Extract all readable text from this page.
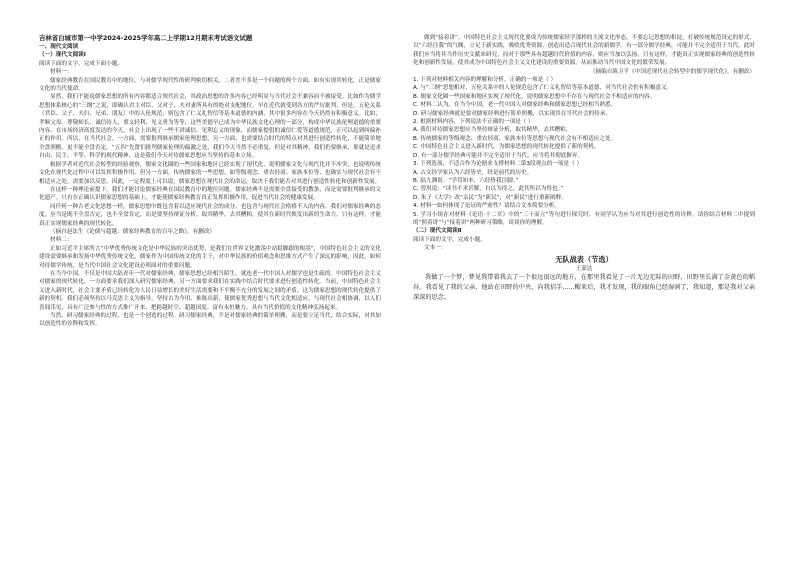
吉林省白城市第一中学2024-2025学年高二上学期12月期末考试语文试题

一、现代文阅读

（一）现代文阅读Ⅰ

阅读下面的文字，完成下面小题。

材料一：

儒家经典教育在国民教育中的地位，与对儒学现代性的研判密切相关，二者差不多是一个问题的两个方面。如有实现其转化，正是儒家文化的当代使命。

显然，我们不能说儒家思想的所有内容都适合现代社会，其政治思想的许多内容已经明显与当代社会不兼容而不被接受。比如作为儒学思想体系核心的“三纲”之说，即确认君主对臣、父对子、夫对妻所具有的绝对支配地位，早在近代就受到各方的严厉批判。但是，五伦关系（君臣、父子、夫妇、兄弟、朋友）中的人伦规范，则包含了仁义礼智信等基本道德的内涵，其中很多内容在今天仍然有积极意义。比如，孝顺父母、尊敬师长、诚信待人、重义轻利、见义勇为等等，这些美德早已成为中华民族文化心理的一部分，构成中华民族伦理道德的重要内容。在市场经济高度发达的今天，社会上出现了一些不讲诚信、见利忘义的现象，而儒家提倡的诚信仁爱等道德规范，正可以起到纠偏补正的作用。所以，在当代社会，一方面，需要批判继承儒家伦理思想，另一方面，也需要结合时代的特点对其进行创造性转化，不能简单地全盘照搬，更不能全盘否定。“五四”先贤们批判儒家伦理的偏激之处，我们今天当然不必重复，但是对其精神，我们仍要继承，那就是追求自由、民主、平等、科学的现代精神，这是我们今天对待儒家思想应当坚持的基本立场。

根据学者对近代社会转型的经验观察，儒家文化圈的一些国家和地区已经实现了现代化，说明儒家文化与现代化并不冲突，也说明传统文化在现代化过程中可以发挥积极作用。但另一方面，传统儒家的一些思想，如等级观念、重农轻商、家族本位等，也确实与现代社会有不相适应之处，需要加以反思。因此，一定程度上可以说，儒家思想在现代社会的命运，取决于我们能否对其进行创造性转化和创新性发展。

在这样一种理论前提下，我们才能讨论儒家经典在国民教育中的地位问题。儒家经典不是需要全盘接受的教条，而是需要批判继承的文化遗产。只有在正确认识儒家思想的基础上，才能使儒家经典教育真正发挥积极作用，促进当代社会的健康发展。

同任何一种古老文化思想一样，儒家思想中既包含着以适应现代社会的成分，也包含与现代社会格格不入的内容。我们对儒家经典的态度，应当是既不全盘否定，也不全盘肯定，而是要坚持辩证分析，取其精华，去其糟粕，使其在新时代焕发出新的生命力。只有这样，才能真正实现儒家经典的现代转化。

（摘自赵法生《论儒与超越：儒家经典教育的百年之路》，有删改）

材料二：

正如习近平主席所言“中华优秀传统文化是中华民族的突出优势，是我们在世界文化激荡中站稳脚跟的根基”，中国特色社会主义的文化建设需要继承和发扬中华优秀传统文化。儒家作为中国传统文化的主干，对中华民族的价值观念和思维方式产生了深远的影响，因此，如何对待儒学传统，是当代中国社会文化建设必须面对的重要问题。

在当今中国，不仅是中国大陆青年一代对儒家经典，儒家思想已经相当陌生，就连老一代中国人对儒学也是生疏的。中国特色社会主义对儒家的现代转化，一方面要求我们深入研究儒家经典，另一方面要求我们在实践中结合时代要求进行创造性转化。当前，中国特色社会主义进入新时代，社会主要矛盾已经转化为人民日益增长的美好生活需要和不平衡不充分的发展之间的矛盾，这为儒家思想的现代转化提供了新的契机。我们必须坚持以马克思主义为指导，坚持古为今用、推陈出新，使儒家优秀思想与当代文化相适应、与现代社会相协调，以人们喜闻乐见、具有广泛参与性的方式推广开来，把跨越时空、超越国度、富有永恒魅力、具有当代价值的文化精神弘扬起来。

当然，研习儒家经典的过程，也是一个创造的过程。研习儒家经典，不是对儒家经典的简单照搬，而是要立足当代，结合实际，对其加以创造性的诠释和发挥。

做到“接着讲”。中国特色社会主义现代化要成为传统儒家经学那样的主流文化形态，不要忘记思想的积淀，打破传统规范设定的形式，以“六经注我”的气魄，立足于新实践，吸收优秀资源，创造出适合现代社会的新儒学。有一部分儒学经典，可能并不完全适用于当代，此时我们应当将其当作历史文献来研究，而对于那些具有超越时代价值的内容，则应当加以弘扬。只有这样，才能真正实现儒家经典的创造性转化和创新性发展，使其成为中国特色社会主义文化建设的重要资源，从而推动当代中国文化的繁荣发展。

（摘编自陈卫平《中国近现代社会转型中的儒学现代化》，有删改）

1. 下列对材料相关内容的理解和分析，正确的一项是（ ）

A. 与“三纲”思想相对，五伦关系中的人伦规范包含了仁义礼智信等基本道德，对当代社会仍有积极意义。

B. 儒家文化圈一些国家和地区实现了现代化，说明儒家思想中不存在与现代社会不相适应的内容。

C. 材料二认为，在当今中国，老一代中国人对儒家经典和儒家思想已经相当熟悉。

D. 研习儒家经典就是要对儒家经典进行简单照搬，以实现其在当代社会的传承。

2. 根据材料内容，下列说法不正确的一项是（ ）

A. 我们对待儒家思想应当坚持辩证分析，取其精华，去其糟粕。

B. 传统儒家的等级观念、重农轻商、家族本位等思想与现代社会有不相适应之处。

C. 中国特色社会主义进入新时代，为儒家思想的现代转化提供了新的契机。

D. 有一部分儒学经典可能并不完全适用于当代，应当将其彻底摒弃。

3. 下列选项，不适合作为论据来支撑材料二第3段观点的一项是（ ）

A. 古文经学家认为六经皆史，经是前代的历史。

B. 陆九渊说：“学苟知本，六经皆我注脚。”

C. 曾巩说：“读书不求甚解，自以为得之，此其所以为得也。”

D. 朱子《大学》改“亲民”为“新民”，对“新民”进行重新阐释。

4. 材料一如何体现了论证的严密性？请结合文本简要分析。

5. 学习小组在对材料《论语·十二章》中的“三十而立”等句进行探究时，有同学认为应当对其进行创造性的诠释。请你结合材料二中提到的“照着讲”与“接着讲”两种研习策略，谈谈你的理解。

（二）现代文阅读Ⅱ

阅读下面的文字，完成小题。

文本一：

无队战表（节选）

王蒙达

我做了一个梦，梦见我带着我去了一个很远很远的地方，在那里我看见了一片无边无际的田野，田野里长满了金黄色的稻谷。我看见了我的父亲，他站在田野的中央，向我招手……醒来后，我才发现，我的眼角已经湿润了，我知道，那是我对父亲深深的思念。
